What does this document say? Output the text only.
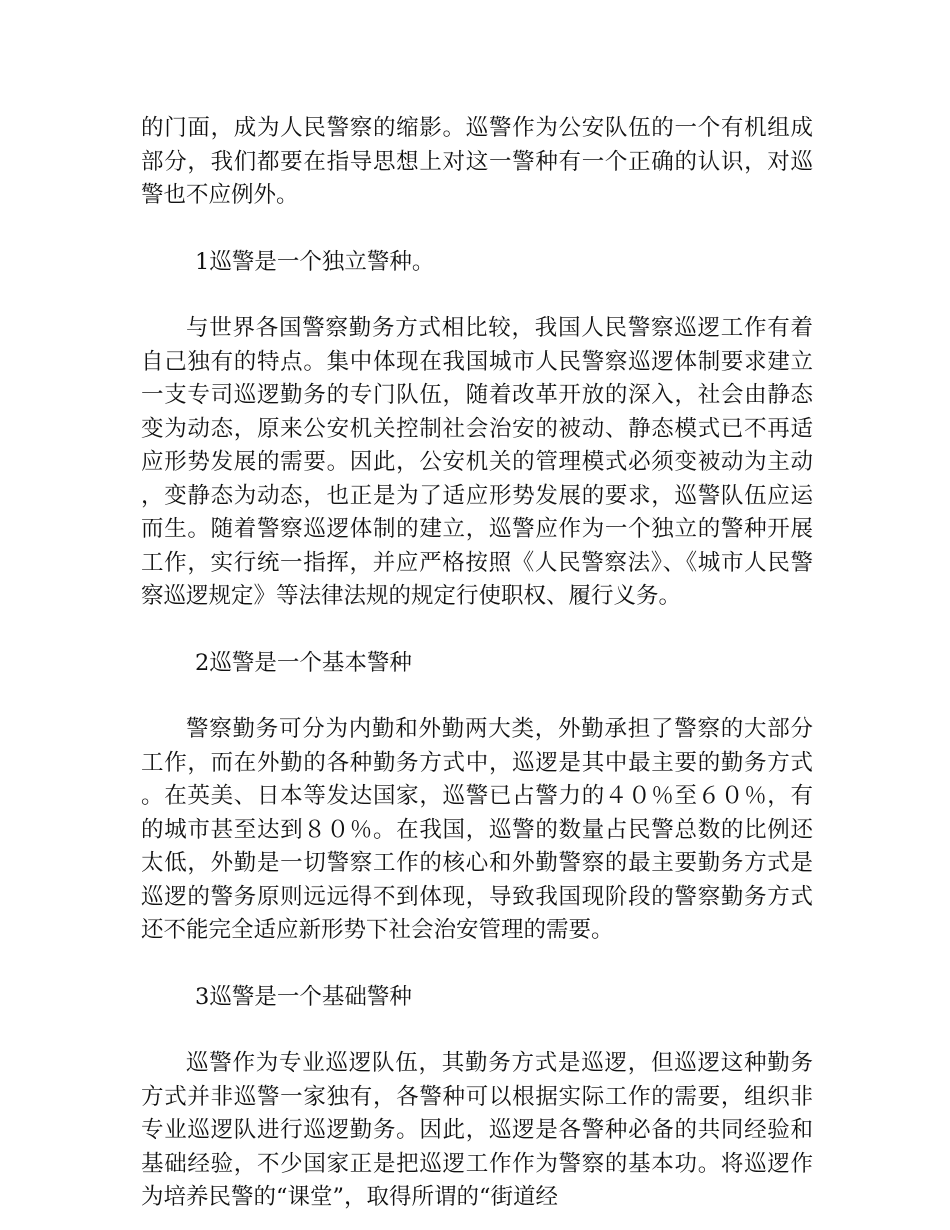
的门面，成为人民警察的缩影。巡警作为公安队伍的一个有机组成部分，我们都要在指导思想上对这一警种有一个正确的认识，对巡警也不应例外。

1巡警是一个独立警种。

与世界各国警察勤务方式相比较，我国人民警察巡逻工作有着自己独有的特点。集中体现在我国城市人民警察巡逻体制要求建立一支专司巡逻勤务的专门队伍，随着改革开放的深入，社会由静态变为动态，原来公安机关控制社会治安的被动、静态模式已不再适应形势发展的需要。因此，公安机关的管理模式必须变被动为主动，变静态为动态，也正是为了适应形势发展的要求，巡警队伍应运而生。随着警察巡逻体制的建立，巡警应作为一个独立的警种开展工作，实行统一指挥，并应严格按照《人民警察法》、《城市人民警察巡逻规定》等法律法规的规定行使职权、履行义务。

2巡警是一个基本警种

警察勤务可分为内勤和外勤两大类，外勤承担了警察的大部分工作，而在外勤的各种勤务方式中，巡逻是其中最主要的勤务方式。在英美、日本等发达国家，巡警已占警力的４０％至６０％，有的城市甚至达到８０％。在我国，巡警的数量占民警总数的比例还太低，外勤是一切警察工作的核心和外勤警察的最主要勤务方式是巡逻的警务原则远远得不到体现，导致我国现阶段的警察勤务方式还不能完全适应新形势下社会治安管理的需要。

3巡警是一个基础警种

巡警作为专业巡逻队伍，其勤务方式是巡逻，但巡逻这种勤务方式并非巡警一家独有，各警种可以根据实际工作的需要，组织非专业巡逻队进行巡逻勤务。因此，巡逻是各警种必备的共同经验和基础经验，不少国家正是把巡逻工作作为警察的基本功。将巡逻作为培养民警的“课堂”，取得所谓的“街道经
